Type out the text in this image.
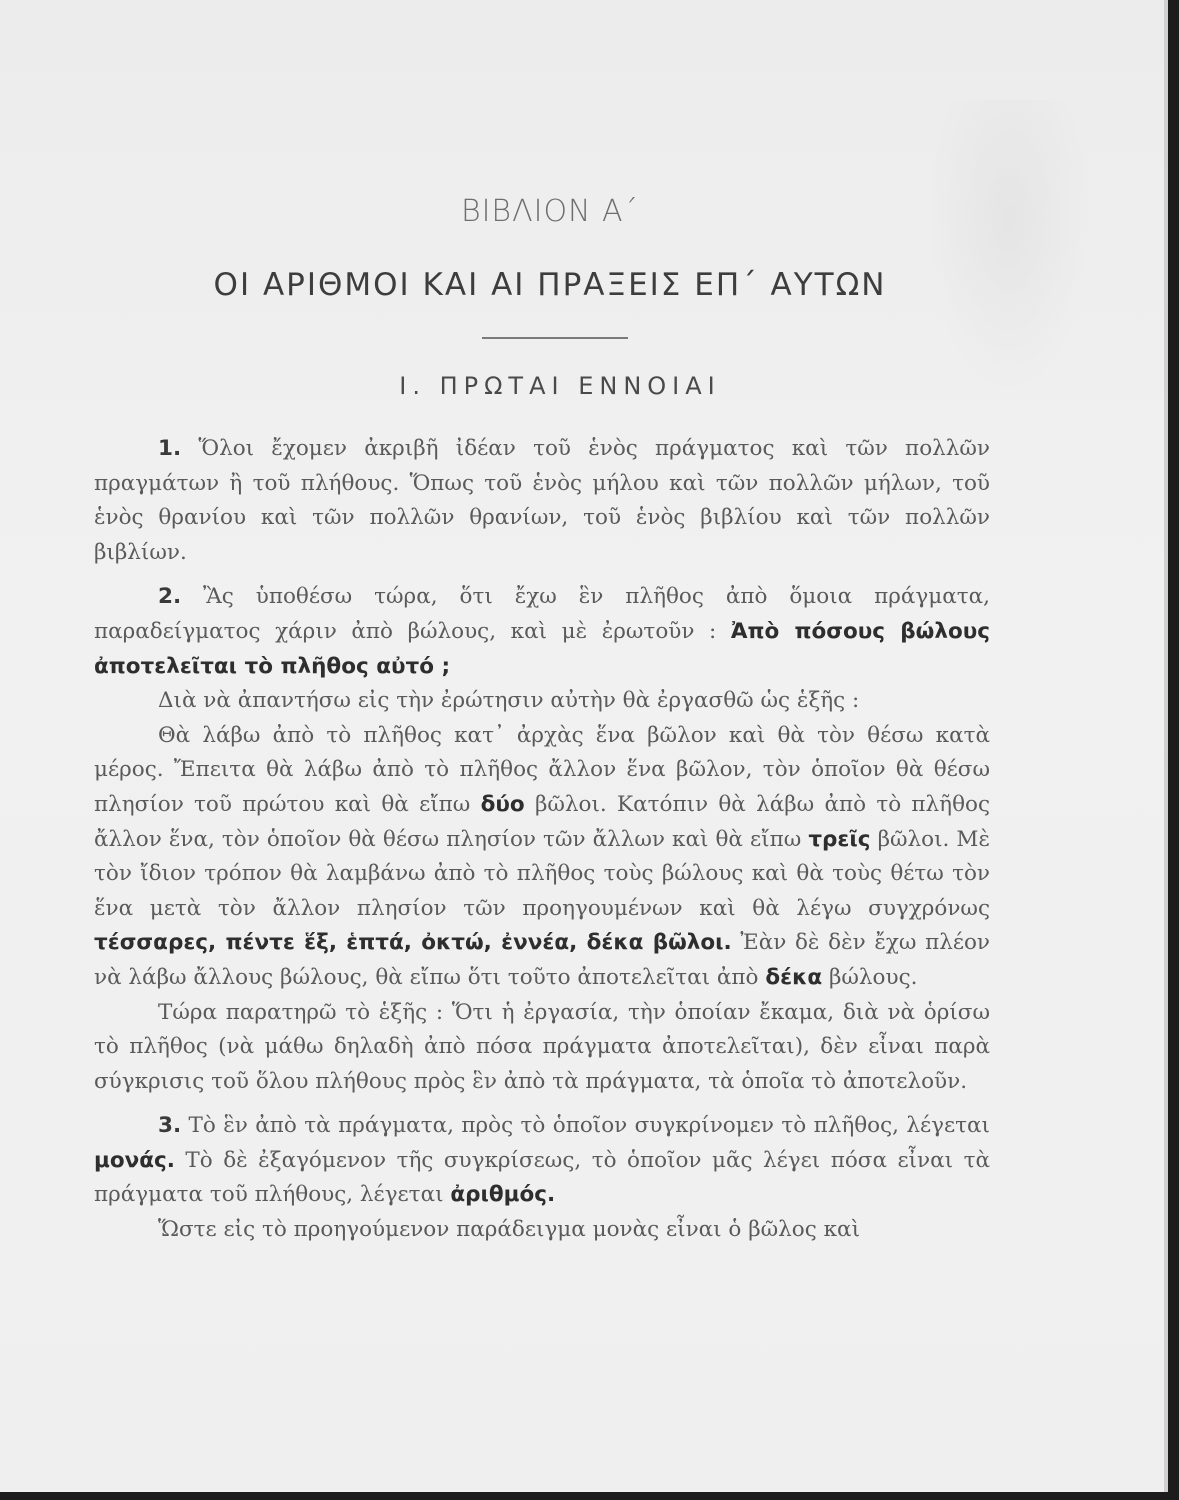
ΒΙΒΛΙΟΝ Α΄
ΟΙ ΑΡΙΘΜΟΙ ΚΑΙ ΑΙ ΠΡΑΞΕΙΣ ΕΠ΄ ΑΥΤΩΝ
Ι. ΠΡΩΤΑΙ ΕΝΝΟΙΑΙ

1. Ὅλοι ἔχομεν ἀκριβῆ ἰδέαν τοῦ ἑνὸς πράγματος καὶ τῶν πολλῶν πραγμάτων ἢ τοῦ πλήθους. Ὅπως τοῦ ἑνὸς μήλου καὶ τῶν πολλῶν μήλων, τοῦ ἑνὸς θρανίου καὶ τῶν πολλῶν θρανίων, τοῦ ἑνὸς βιβλίου καὶ τῶν πολλῶν βιβλίων.

2. Ἂς ὑποθέσω τώρα, ὅτι ἔχω ἓν πλῆθος ἀπὸ ὅμοια πράγματα, παραδείγματος χάριν ἀπὸ βώλους, καὶ μὲ ἐρωτοῦν : Ἀπὸ πόσους βώλους ἀποτελεῖται τὸ πλῆθος αὐτό ;

Διὰ νὰ ἀπαντήσω εἰς τὴν ἐρώτησιν αὐτὴν θὰ ἐργασθῶ ὡς ἑξῆς :

Θὰ λάβω ἀπὸ τὸ πλῆθος κατ᾿ ἀρχὰς ἕνα βῶλον καὶ θὰ τὸν θέσω κατὰ μέρος. Ἔπειτα θὰ λάβω ἀπὸ τὸ πλῆθος ἄλλον ἕνα βῶλον, τὸν ὁποῖον θὰ θέσω πλησίον τοῦ πρώτου καὶ θὰ εἴπω δύο βῶλοι. Κατόπιν θὰ λάβω ἀπὸ τὸ πλῆθος ἄλλον ἕνα, τὸν ὁποῖον θὰ θέσω πλησίον τῶν ἄλλων καὶ θὰ εἴπω τρεῖς βῶλοι. Μὲ τὸν ἴδιον τρόπον θὰ λαμβάνω ἀπὸ τὸ πλῆθος τοὺς βώλους καὶ θὰ τοὺς θέτω τὸν ἕνα μετὰ τὸν ἄλλον πλησίον τῶν προηγουμένων καὶ θὰ λέγω συγχρόνως τέσσαρες, πέντε ἕξ, ἑπτά, ὀκτώ, ἐννέα, δέκα βῶλοι. Ἐὰν δὲ δὲν ἔχω πλέον νὰ λάβω ἄλλους βώλους, θὰ εἴπω ὅτι τοῦτο ἀποτελεῖται ἀπὸ δέκα βώλους.

Τώρα παρατηρῶ τὸ ἑξῆς : Ὅτι ἡ ἐργασία, τὴν ὁποίαν ἔκαμα, διὰ νὰ ὁρίσω τὸ πλῆθος (νὰ μάθω δηλαδὴ ἀπὸ πόσα πράγματα ἀποτελεῖται), δὲν εἶναι παρὰ σύγκρισις τοῦ ὅλου πλήθους πρὸς ἓν ἀπὸ τὰ πράγματα, τὰ ὁποῖα τὸ ἀποτελοῦν.

3. Τὸ ἓν ἀπὸ τὰ πράγματα, πρὸς τὸ ὁποῖον συγκρίνομεν τὸ πλῆθος, λέγεται μονάς. Τὸ δὲ ἐξαγόμενον τῆς συγκρίσεως, τὸ ὁποῖον μᾶς λέγει πόσα εἶναι τὰ πράγματα τοῦ πλήθους, λέγεται ἀριθμός.

Ὥστε εἰς τὸ προηγούμενον παράδειγμα μονὰς εἶναι ὁ βῶλος καὶ
